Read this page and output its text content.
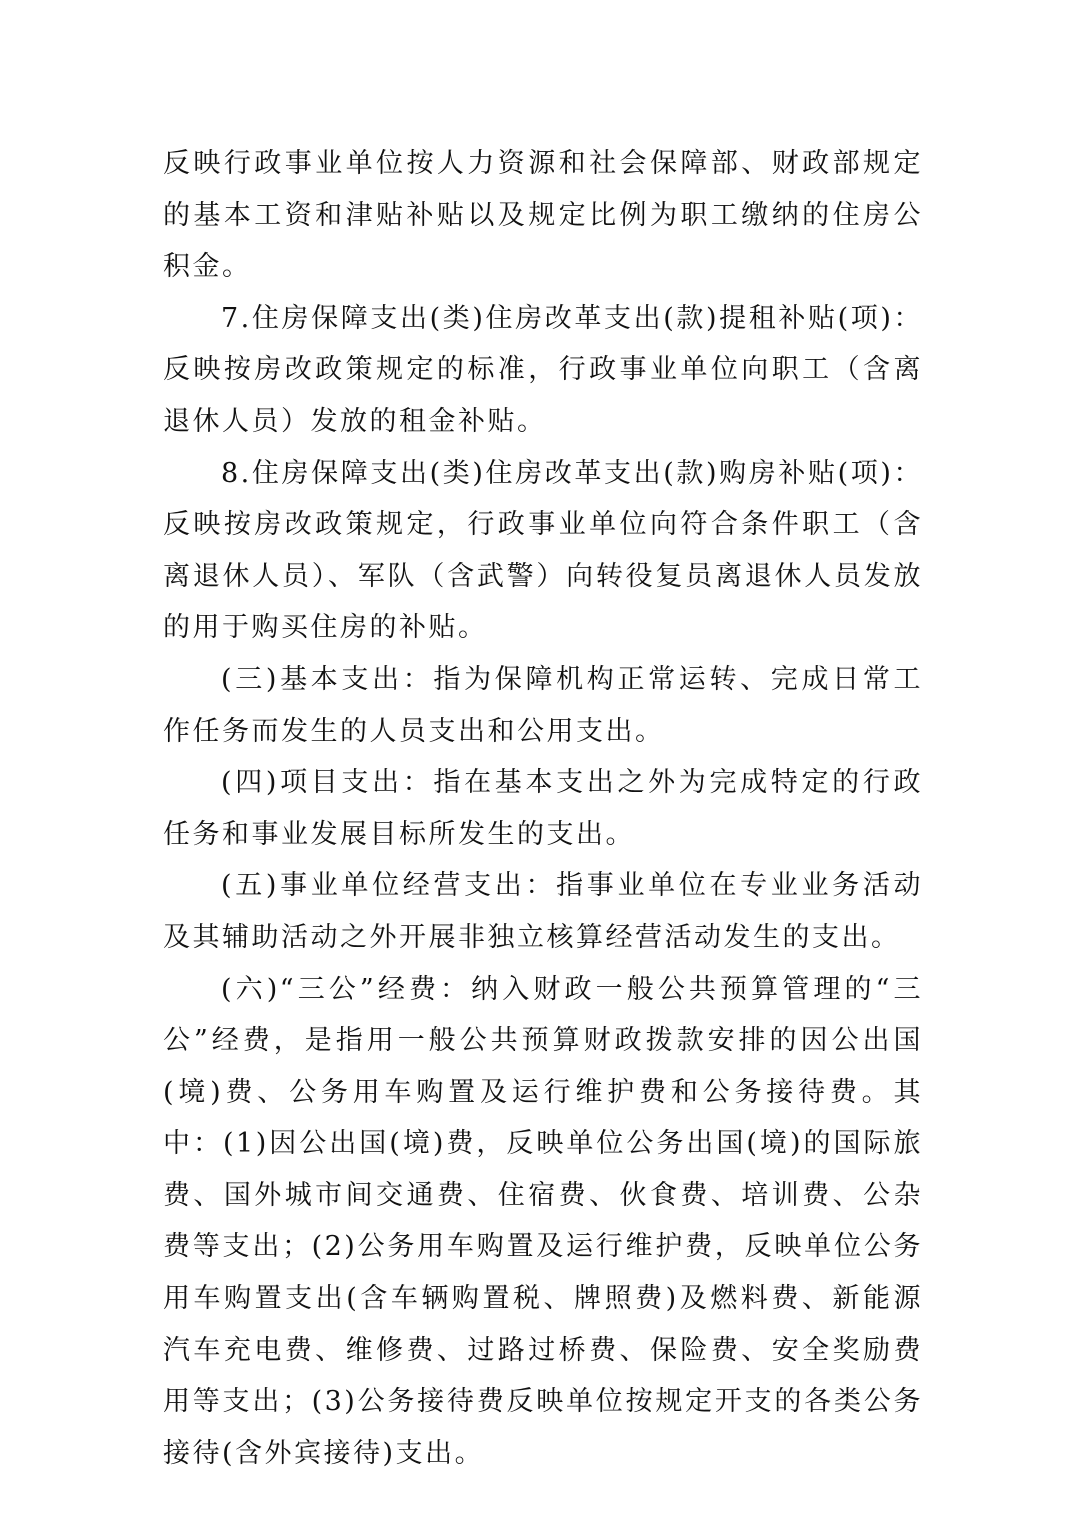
反映行政事业单位按人力资源和社会保障部、财政部规定的基本工资和津贴补贴以及规定比例为职工缴纳的住房公积金。

7.住房保障支出(类)住房改革支出(款)提租补贴(项)：反映按房改政策规定的标准，行政事业单位向职工（含离退休人员）发放的租金补贴。

8.住房保障支出(类)住房改革支出(款)购房补贴(项)：反映按房改政策规定，行政事业单位向符合条件职工（含离退休人员）、军队（含武警）向转役复员离退休人员发放的用于购买住房的补贴。

(三)基本支出：指为保障机构正常运转、完成日常工作任务而发生的人员支出和公用支出。

(四)项目支出：指在基本支出之外为完成特定的行政任务和事业发展目标所发生的支出。

(五)事业单位经营支出：指事业单位在专业业务活动及其辅助活动之外开展非独立核算经营活动发生的支出。

(六)“三公”经费：纳入财政一般公共预算管理的“三公”经费，是指用一般公共预算财政拨款安排的因公出国(境)费、公务用车购置及运行维护费和公务接待费。其中：(1)因公出国(境)费，反映单位公务出国(境)的国际旅费、国外城市间交通费、住宿费、伙食费、培训费、公杂费等支出；(2)公务用车购置及运行维护费，反映单位公务用车购置支出(含车辆购置税、牌照费)及燃料费、新能源汽车充电费、维修费、过路过桥费、保险费、安全奖励费用等支出；(3)公务接待费反映单位按规定开支的各类公务接待(含外宾接待)支出。
